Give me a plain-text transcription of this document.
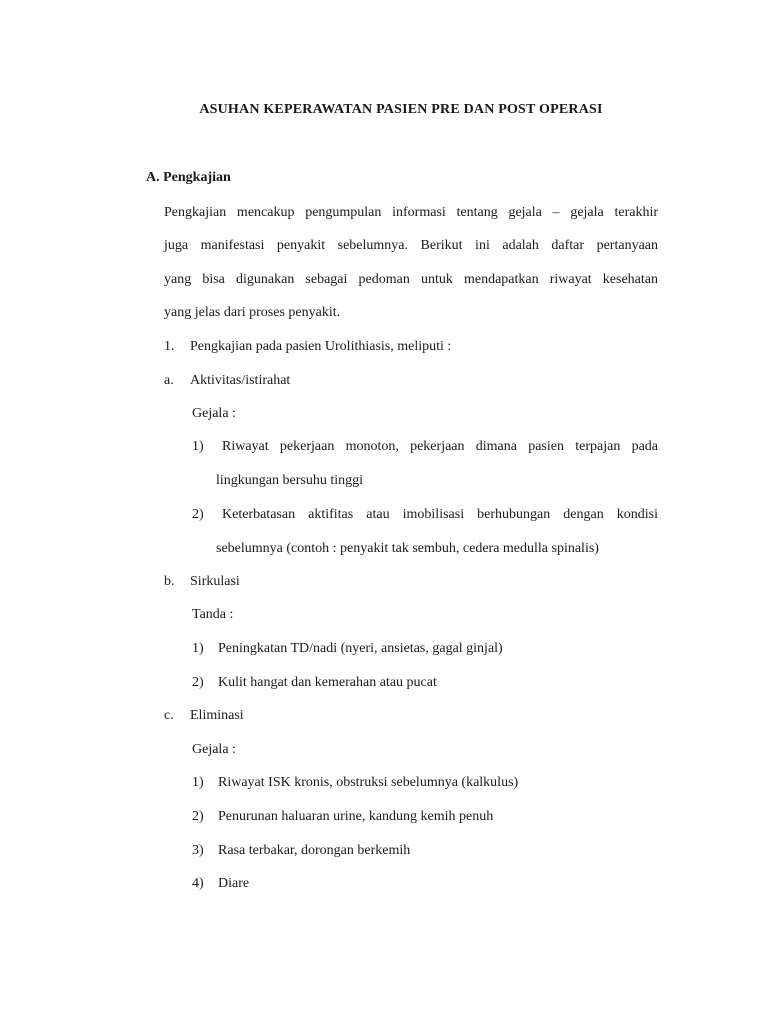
ASUHAN KEPERAWATAN PASIEN PRE DAN POST OPERASI
A. Pengkajian
Pengkajian mencakup pengumpulan informasi tentang gejala – gejala terakhir
juga manifestasi penyakit sebelumnya. Berikut ini adalah daftar pertanyaan
yang bisa digunakan sebagai pedoman untuk mendapatkan riwayat kesehatan
yang jelas dari proses penyakit.
1. Pengkajian pada pasien Urolithiasis, meliputi :
a. Aktivitas/istirahat
Gejala :
1) Riwayat pekerjaan monoton, pekerjaan dimana pasien terpajan pada
lingkungan bersuhu tinggi
2) Keterbatasan aktifitas atau imobilisasi berhubungan dengan kondisi
sebelumnya (contoh : penyakit tak sembuh, cedera medulla spinalis)
b. Sirkulasi
Tanda :
1) Peningkatan TD/nadi (nyeri, ansietas, gagal ginjal)
2) Kulit hangat dan kemerahan atau pucat
c. Eliminasi
Gejala :
1) Riwayat ISK kronis, obstruksi sebelumnya (kalkulus)
2) Penurunan haluaran urine, kandung kemih penuh
3) Rasa terbakar, dorongan berkemih
4) Diare
